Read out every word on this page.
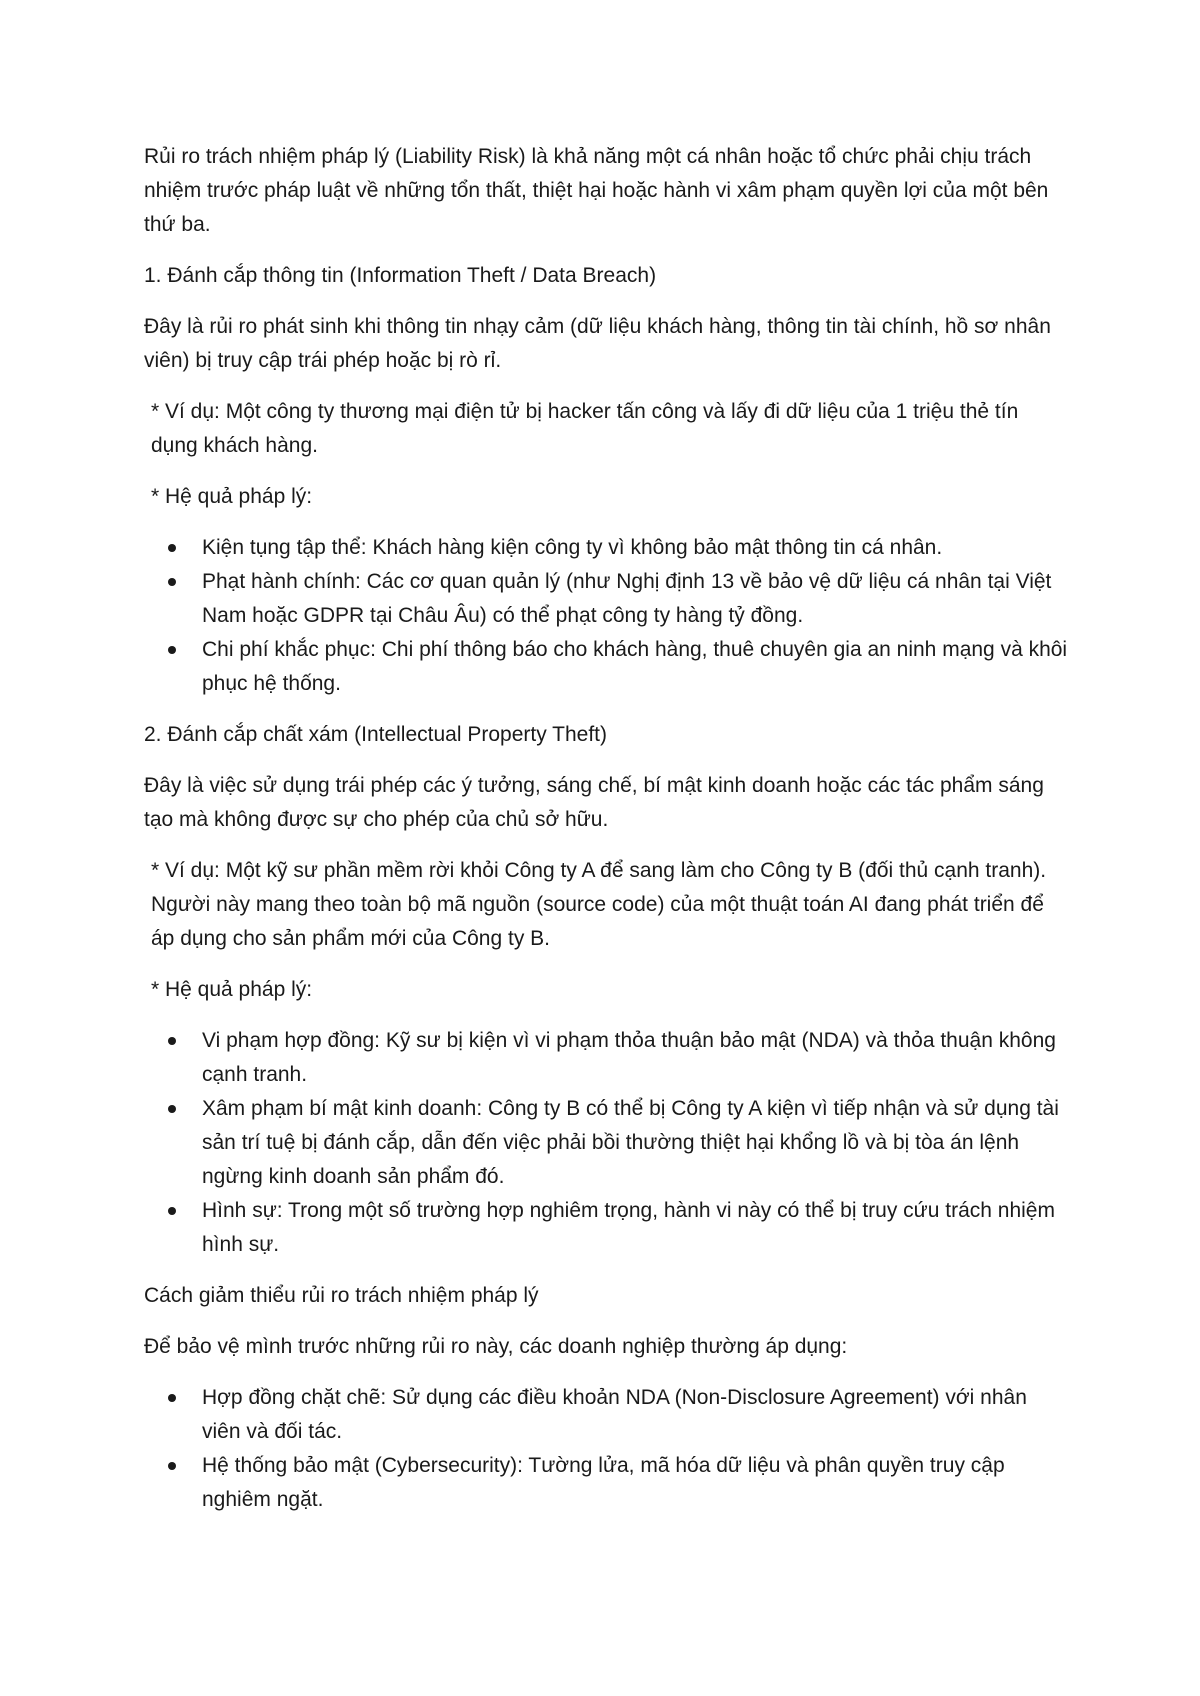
Rủi ro trách nhiệm pháp lý (Liability Risk) là khả năng một cá nhân hoặc tổ chức phải chịu trách nhiệm trước pháp luật về những tổn thất, thiệt hại hoặc hành vi xâm phạm quyền lợi của một bên thứ ba.

1. Đánh cắp thông tin (Information Theft / Data Breach)

Đây là rủi ro phát sinh khi thông tin nhạy cảm (dữ liệu khách hàng, thông tin tài chính, hồ sơ nhân viên) bị truy cập trái phép hoặc bị rò rỉ.

* Ví dụ: Một công ty thương mại điện tử bị hacker tấn công và lấy đi dữ liệu của 1 triệu thẻ tín dụng khách hàng.

* Hệ quả pháp lý:

Kiện tụng tập thể: Khách hàng kiện công ty vì không bảo mật thông tin cá nhân.
Phạt hành chính: Các cơ quan quản lý (như Nghị định 13 về bảo vệ dữ liệu cá nhân tại Việt Nam hoặc GDPR tại Châu Âu) có thể phạt công ty hàng tỷ đồng.
Chi phí khắc phục: Chi phí thông báo cho khách hàng, thuê chuyên gia an ninh mạng và khôi phục hệ thống.

2. Đánh cắp chất xám (Intellectual Property Theft)

Đây là việc sử dụng trái phép các ý tưởng, sáng chế, bí mật kinh doanh hoặc các tác phẩm sáng tạo mà không được sự cho phép của chủ sở hữu.

* Ví dụ: Một kỹ sư phần mềm rời khỏi Công ty A để sang làm cho Công ty B (đối thủ cạnh tranh). Người này mang theo toàn bộ mã nguồn (source code) của một thuật toán AI đang phát triển để áp dụng cho sản phẩm mới của Công ty B.

* Hệ quả pháp lý:

Vi phạm hợp đồng: Kỹ sư bị kiện vì vi phạm thỏa thuận bảo mật (NDA) và thỏa thuận không cạnh tranh.
Xâm phạm bí mật kinh doanh: Công ty B có thể bị Công ty A kiện vì tiếp nhận và sử dụng tài sản trí tuệ bị đánh cắp, dẫn đến việc phải bồi thường thiệt hại khổng lồ và bị tòa án lệnh ngừng kinh doanh sản phẩm đó.
Hình sự: Trong một số trường hợp nghiêm trọng, hành vi này có thể bị truy cứu trách nhiệm hình sự.

Cách giảm thiểu rủi ro trách nhiệm pháp lý

Để bảo vệ mình trước những rủi ro này, các doanh nghiệp thường áp dụng:

Hợp đồng chặt chẽ: Sử dụng các điều khoản NDA (Non-Disclosure Agreement) với nhân viên và đối tác.
Hệ thống bảo mật (Cybersecurity): Tường lửa, mã hóa dữ liệu và phân quyền truy cập nghiêm ngặt.
